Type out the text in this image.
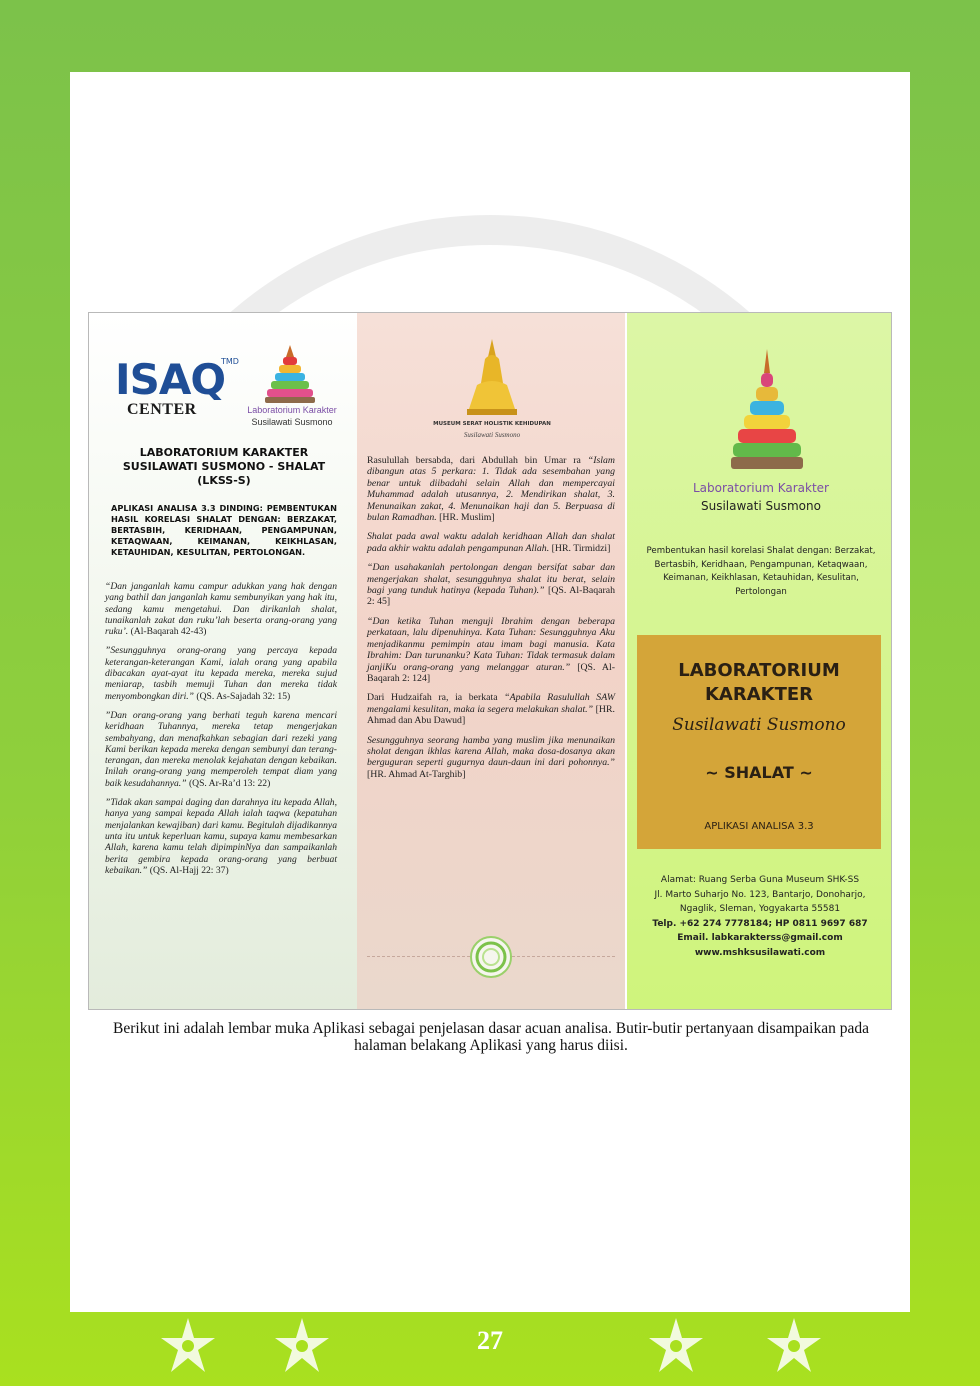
ISAQ
TMD
CENTER	Laboratorium Karakter
Susilawati Susmono
LABORATORIUM KARAKTER
SUSILAWATI SUSMONO - SHALAT
(LKSS-S)
APLIKASI ANALISA 3.3 DINDING: PEMBENTUKAN HASIL KORELASI SHALAT DENGAN: BERZAKAT, BERTASBIH, KERIDHAAN, PENGAMPUNAN, KETAQWAAN, KEIMANAN, KEIKHLASAN, KETAUHIDAN, KESULITAN, PERTOLONGAN.

“Dan janganlah kamu campur adukkan yang hak dengan yang bathil dan janganlah kamu sembunyikan yang hak itu, sedang kamu mengetahui. Dan dirikanlah shalat, tunaikanlah zakat dan ruku’lah beserta orang-orang yang ruku’. (Al-Baqarah 42-43)

”Sesungguhnya orang-orang yang percaya kepada keterangan-keterangan Kami, ialah orang yang apabila dibacakan ayat-ayat itu kepada mereka, mereka sujud meniarap, tasbih memuji Tuhan dan mereka tidak menyombongkan diri.” (QS. As-Sajadah 32: 15)

”Dan orang-orang yang berhati teguh karena mencari keridhaan Tuhannya, mereka tetap mengerjakan sembahyang, dan menafkahkan sebagian dari rezeki yang Kami berikan kepada mereka dengan sembunyi dan terang-terangan, dan mereka menolak kejahatan dengan kebaikan. Inilah orang-orang yang memperoleh tempat diam yang baik kesudahannya.” (QS. Ar-Ra’d 13: 22)

”Tidak akan sampai daging dan darahnya itu kepada Allah, hanya yang sampai kepada Allah ialah taqwa (kepatuhan menjalankan kewajiban) dari kamu. Begitulah dijadikannya unta itu untuk keperluan kamu, supaya kamu membesarkan Allah, karena kamu telah dipimpinNya dan sampaikanlah berita gembira kepada orang-orang yang berbuat kebaikan.” (QS. Al-Hajj 22: 37)

MUSEUM SERAT HOLISTIK KEHIDUPAN
Susilawati Susmono

Rasulullah bersabda, dari Abdullah bin Umar ra “Islam dibangun atas 5 perkara: 1. Tidak ada sesembahan yang benar untuk diibadahi selain Allah dan mempercayai Muhammad adalah utusannya, 2. Mendirikan shalat, 3. Menunaikan zakat, 4. Menunaikan haji dan 5. Berpuasa di bulan Ramadhan. [HR. Muslim]

Shalat pada awal waktu adalah keridhaan Allah dan shalat pada akhir waktu adalah pengampunan Allah. [HR. Tirmidzi]

“Dan usahakanlah pertolongan dengan bersifat sabar dan mengerjakan shalat, sesungguhnya shalat itu berat, selain bagi yang tunduk hatinya (kepada Tuhan).” [QS. Al-Baqarah 2: 45]

“Dan ketika Tuhan menguji Ibrahim dengan beberapa perkataan, lalu dipenuhinya. Kata Tuhan: Sesungguhnya Aku menjadikanmu pemimpin atau imam bagi manusia. Kata Ibrahim: Dan turunanku? Kata Tuhan: Tidak termasuk dalam janjiKu orang-orang yang melanggar aturan.” [QS. Al-Baqarah 2: 124]

Dari Hudzaifah ra, ia berkata “Apabila Rasulullah SAW mengalami kesulitan, maka ia segera melakukan shalat.” [HR. Ahmad dan Abu Dawud]

Sesungguhnya seorang hamba yang muslim jika menunaikan sholat dengan ikhlas karena Allah, maka dosa-dosanya akan berguguran seperti gugurnya daun-daun ini dari pohonnya.” [HR. Ahmad At-Targhib]

Laboratorium Karakter
Susilawati Susmono
Pembentukan hasil korelasi Shalat dengan: Berzakat, Bertasbih, Keridhaan, Pengampunan, Ketaqwaan, Keimanan, Keikhlasan, Ketauhidan, Kesulitan, Pertolongan
LABORATORIUM
KARAKTER
Susilawati Susmono
~ SHALAT ~
APLIKASI ANALISA 3.3
Alamat: Ruang Serba Guna Museum SHK-SS
Jl. Marto Suharjo No. 123, Bantarjo, Donoharjo,
Ngaglik, Sleman, Yogyakarta 55581
Telp. +62 274 7778184; HP 0811 9697 687
Email. labkarakterss@gmail.com
www.mshksusilawati.com
Berikut ini adalah lembar muka Aplikasi sebagai penjelasan dasar acuan analisa. Butir-butir pertanyaan disampaikan pada halaman belakang Aplikasi yang harus diisi.
27
